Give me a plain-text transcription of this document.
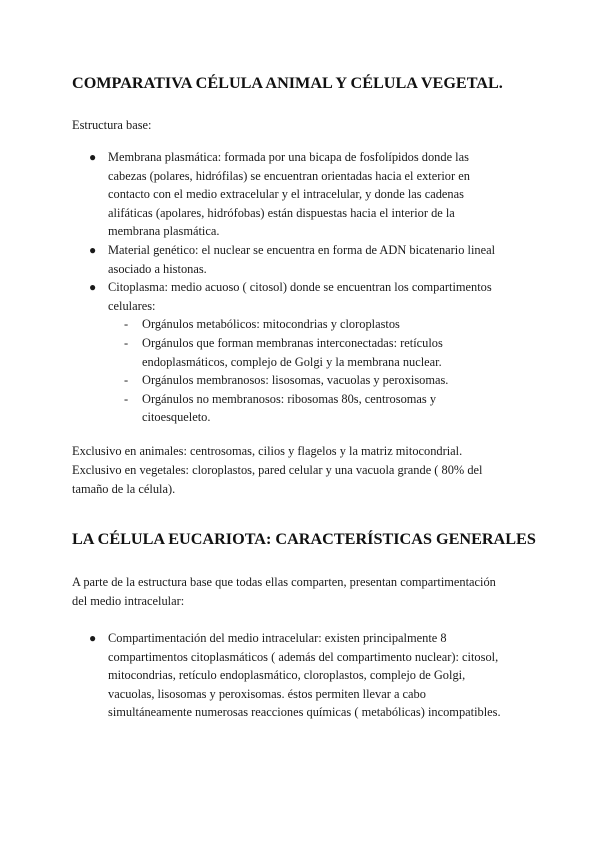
COMPARATIVA CÉLULA ANIMAL Y CÉLULA VEGETAL.

Estructura base:

● Membrana plasmática: formada por una bicapa de fosfolípidos donde las
cabezas (polares, hidrófilas) se encuentran orientadas hacia el exterior en
contacto con el medio extracelular y el intracelular, y donde las cadenas
alifáticas (apolares, hidrófobas) están dispuestas hacia el interior de la
membrana plasmática.
● Material genético: el nuclear se encuentra en forma de ADN bicatenario lineal
asociado a histonas.
● Citoplasma: medio acuoso ( citosol) donde se encuentran los compartimentos
celulares:
- Orgánulos metabólicos: mitocondrias y cloroplastos
- Orgánulos que forman membranas interconectadas: retículos
endoplasmáticos, complejo de Golgi y la membrana nuclear.
- Orgánulos membranosos: lisosomas, vacuolas y peroxisomas.
- Orgánulos no membranosos: ribosomas 80s, centrosomas y
citoesqueleto.

Exclusivo en animales: centrosomas, cilios y flagelos y la matriz mitocondrial.

Exclusivo en vegetales: cloroplastos, pared celular y una vacuola grande ( 80% del

tamaño de la célula).

LA CÉLULA EUCARIOTA: CARACTERÍSTICAS GENERALES

A parte de la estructura base que todas ellas comparten, presentan compartimentación

del medio intracelular:

● Compartimentación del medio intracelular: existen principalmente 8
compartimentos citoplasmáticos ( además del compartimento nuclear): citosol,
mitocondrias, retículo endoplasmático, cloroplastos, complejo de Golgi,
vacuolas, lisosomas y peroxisomas. éstos permiten llevar a cabo
simultáneamente numerosas reacciones químicas ( metabólicas) incompatibles.
